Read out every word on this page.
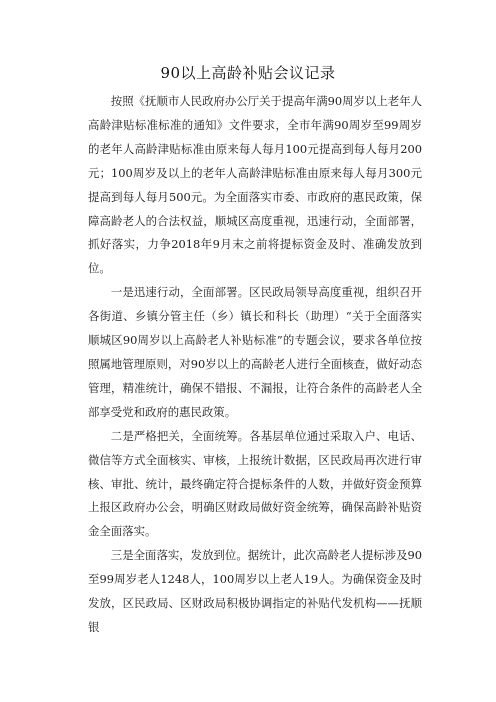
90以上高龄补贴会议记录

按照《抚顺市人民政府办公厅关于提高年满90周岁以上老年人高龄津贴标准标准的通知》文件要求，全市年满90周岁至99周岁的老年人高龄津贴标准由原来每人每月100元提高到每人每月200元；100周岁及以上的老年人高龄津贴标准由原来每人每月300元提高到每人每月500元。为全面落实市委、市政府的惠民政策，保障高龄老人的合法权益，顺城区高度重视，迅速行动，全面部署，抓好落实，力争2018年9月末之前将提标资金及时、准确发放到位。

一是迅速行动，全面部署。区民政局领导高度重视，组织召开各街道、乡镇分管主任（乡）镇长和科长（助理）“关于全面落实顺城区90周岁以上高龄老人补贴标准”的专题会议，要求各单位按照属地管理原则，对90岁以上的高龄老人进行全面核查，做好动态管理，精准统计，确保不错报、不漏报，让符合条件的高龄老人全部享受党和政府的惠民政策。

二是严格把关，全面统筹。各基层单位通过采取入户、电话、微信等方式全面核实、审核，上报统计数据，区民政局再次进行审核、审批、统计，最终确定符合提标条件的人数，并做好资金预算上报区政府办公会，明确区财政局做好资金统筹，确保高龄补贴资金全面落实。

三是全面落实，发放到位。据统计，此次高龄老人提标涉及90至99周岁老人1248人，100周岁以上老人19人。为确保资金及时发放，区民政局、区财政局积极协调指定的补贴代发机构——抚顺银
